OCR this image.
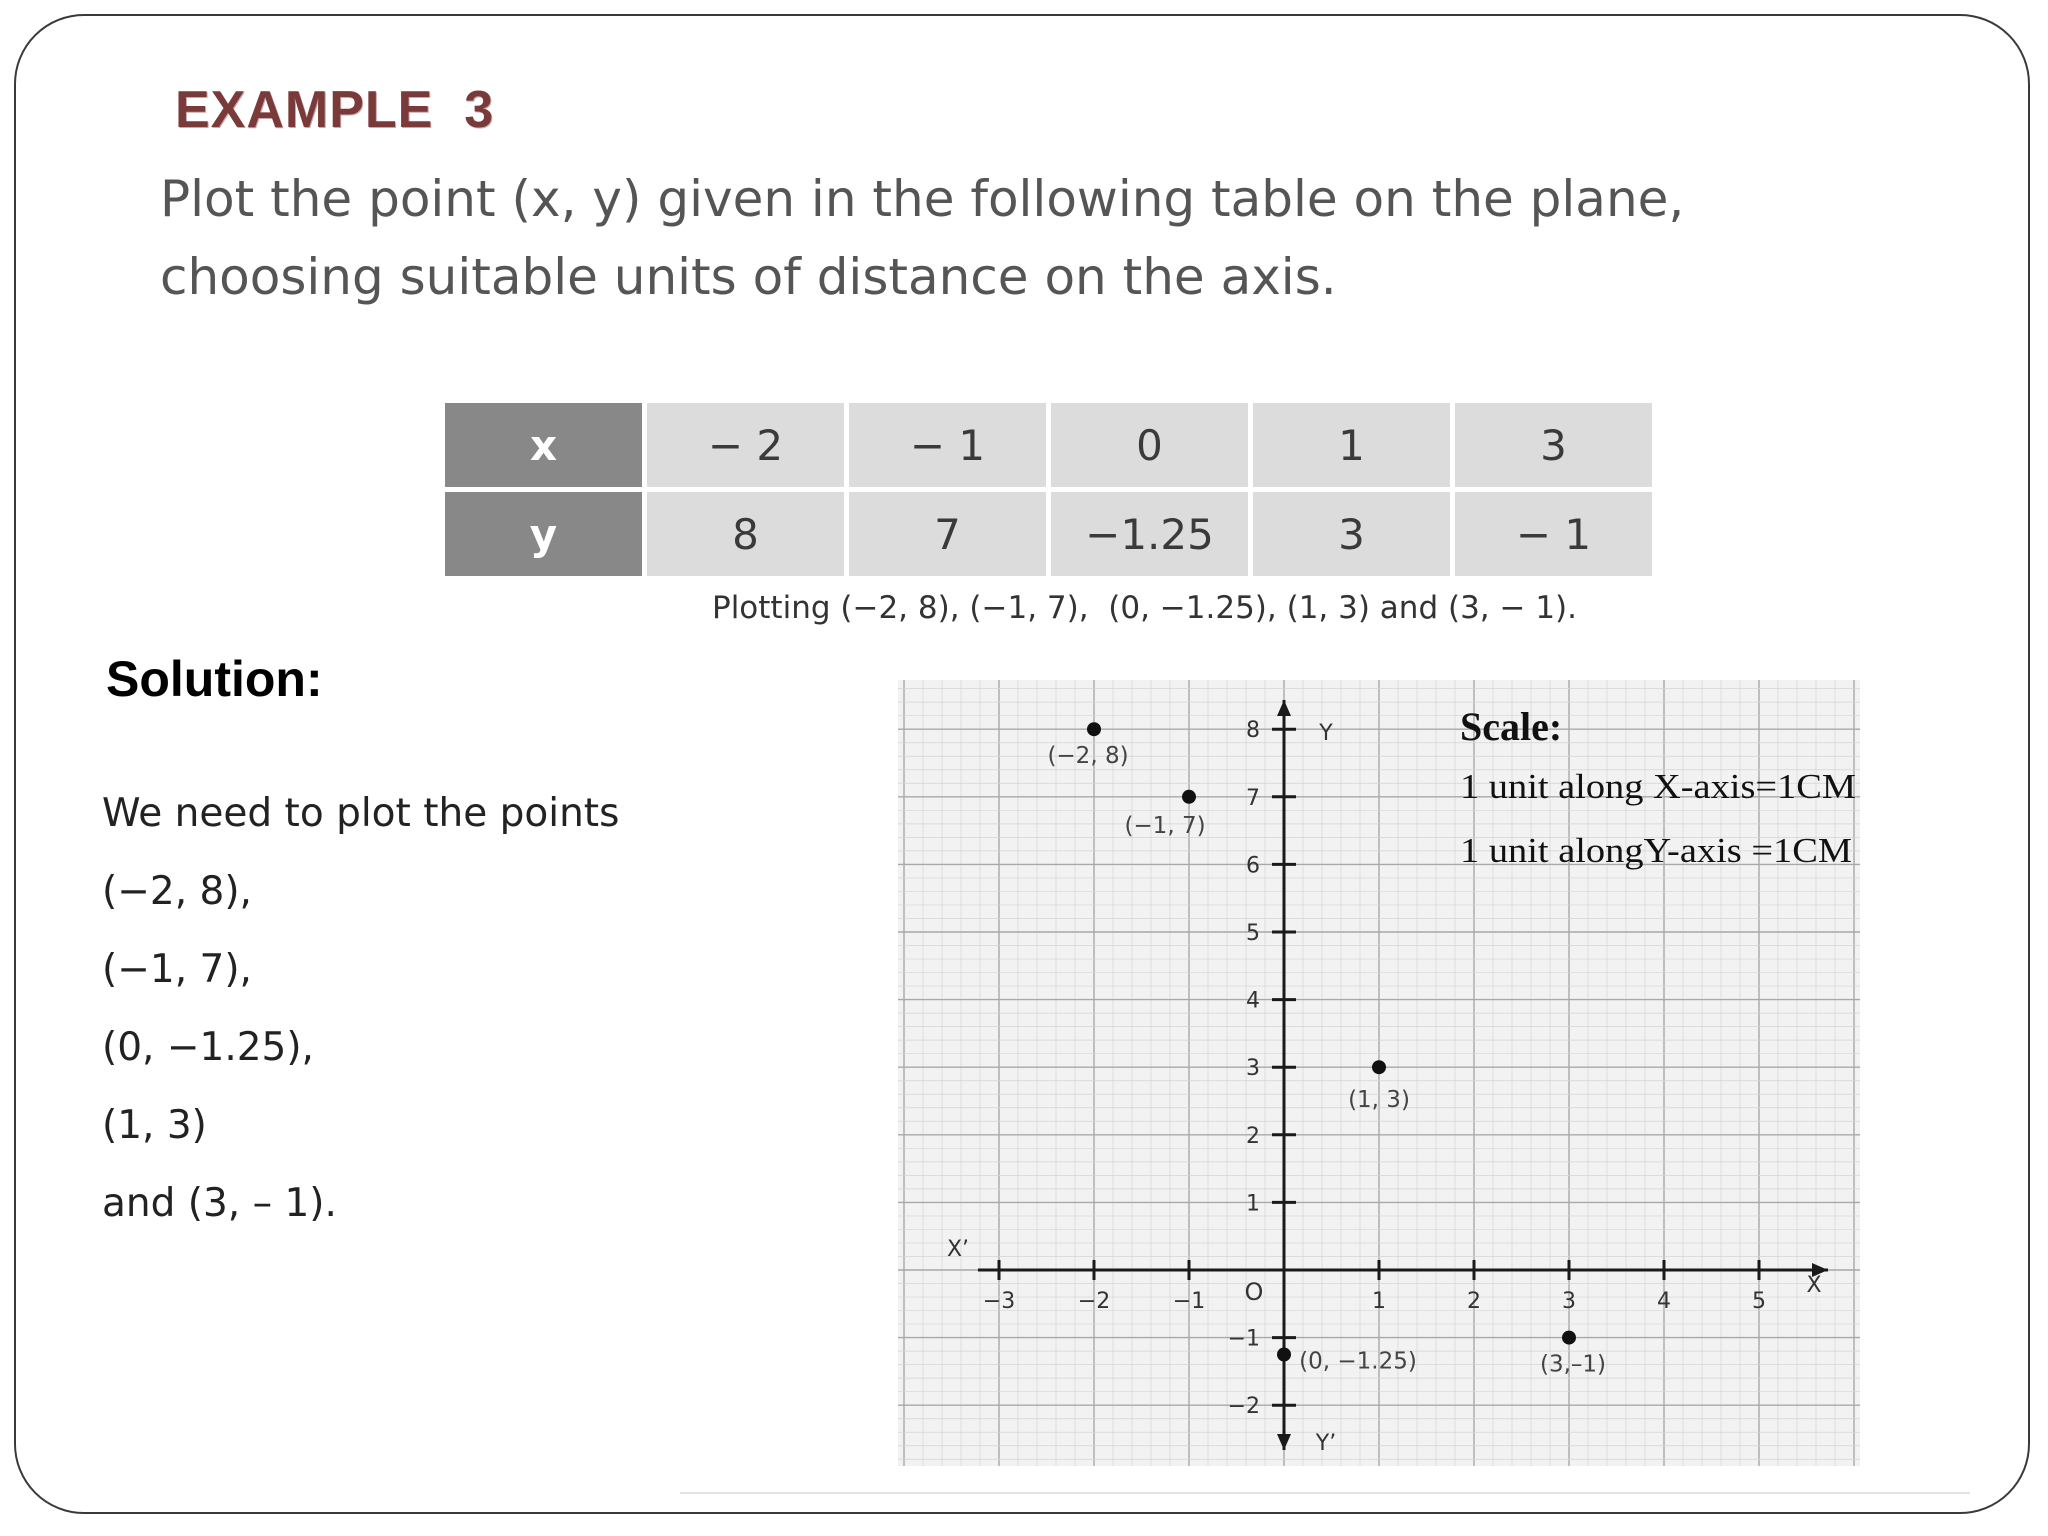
EXAMPLE  3
Plot the point (x, y) given in the following table on the plane,
choosing suitable units of distance on the axis.
x	− 2	− 1	0	1	3
y	8	7	−1.25	3	− 1
Plotting (−2, 8), (−1, 7),  (0, −1.25), (1, 3) and (3, − 1).
Solution:
We need to plot the points
(−2, 8),
(−1, 7),
(0, −1.25),
(1, 3)
and (3, – 1).
X
X’
Y
Y’
O
−3	−2	−1	1	2	3	4	5
8
7
6
5
4
3
2
1
−1
−2
(−2, 8)
(−1, 7)
(0, −1.25)
(1, 3)
(3,–1)
Scale:
1 unit along X-axis=1CM
1 unit alongY-axis =1CM
